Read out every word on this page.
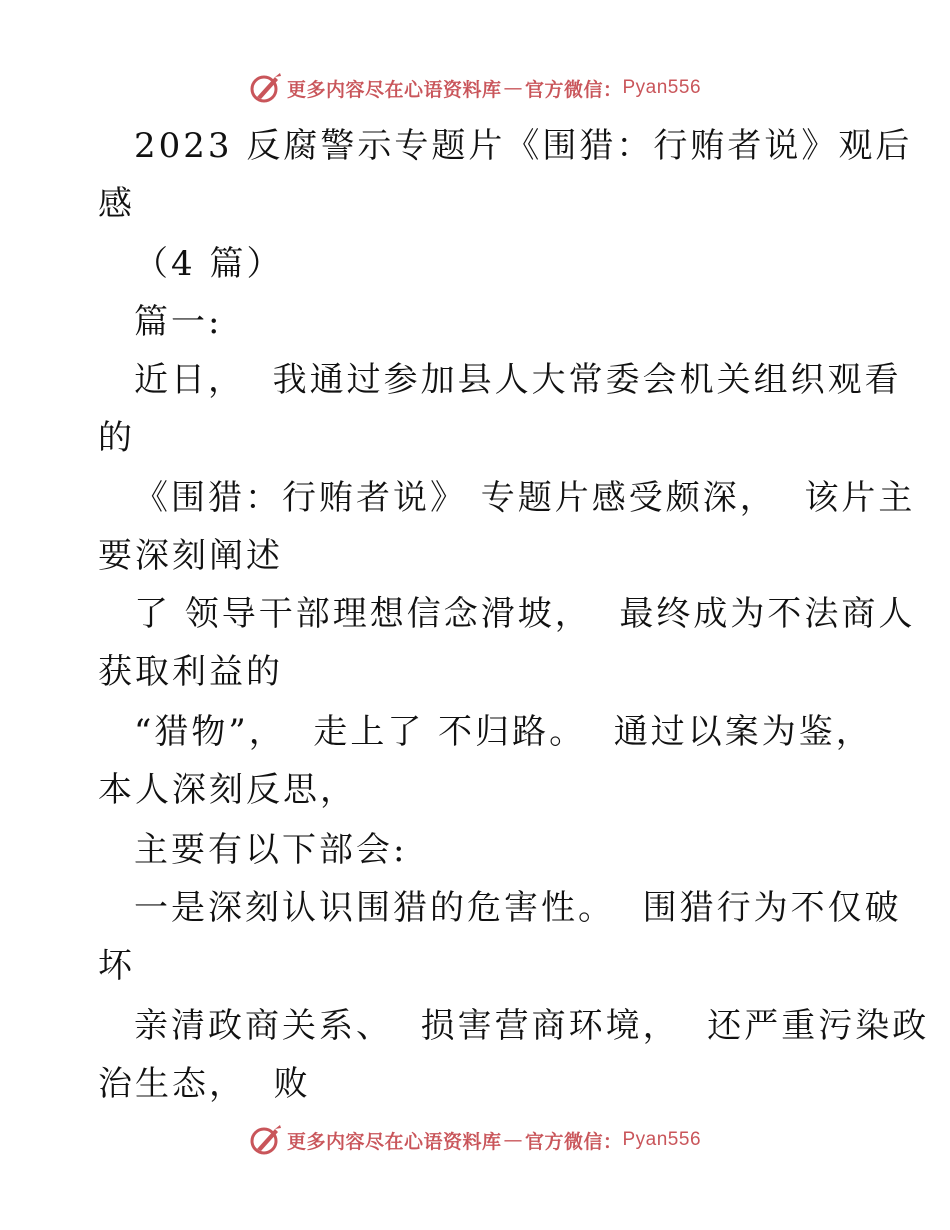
更多内容尽在心语资料库 — 官方微信： Pyan556
2023 反腐警示专题片《围猎：行贿者说》观后
感
（4 篇）
篇一:
近日，  我通过参加县人大常委会机关组织观看
的
《围猎：行贿者说》 专题片感受颇深，  该片主
要深刻阐述
了 领导干部理想信念滑坡，  最终成为不法商人
获取利益的
“猎物”，  走上了 不归路。  通过以案为鉴，
本人深刻反思，
主要有以下部会:
一是深刻认识围猎的危害性。  围猎行为不仅破
坏
亲清政商关系、  损害营商环境，  还严重污染政
治生态，  败
更多内容尽在心语资料库 — 官方微信： Pyan556
